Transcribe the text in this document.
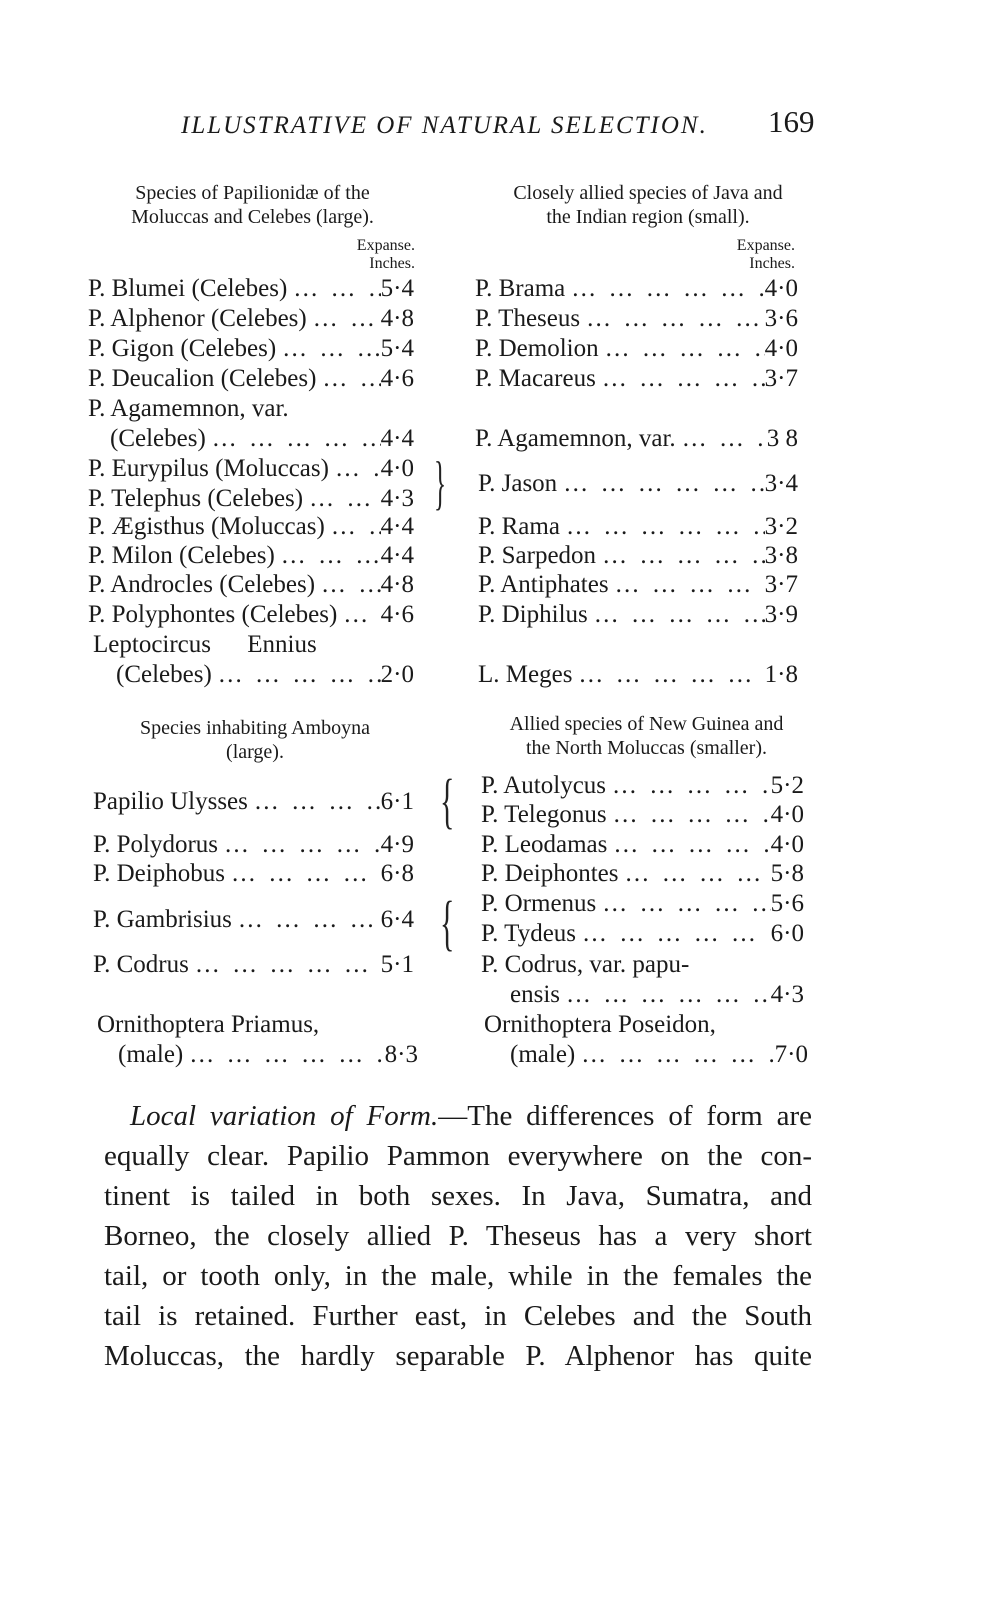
ILLUSTRATIVE OF NATURAL SELECTION. 169
Species of Papilionidæ of the
Moluccas and Celebes (large).
Expanse.
Inches.
P. Blumei (Celebes) … … … … … … … … … … … … … … … …	5·4
P. Alphenor (Celebes) … … … … … … … … … … … … … … … …	4·8
P. Gigon (Celebes) … … … … … … … … … … … … … … … …	5·4
P. Deucalion (Celebes) … … … … … … … … … … … … … … … …	4·6
P. Agamemnon, var.
(Celebes) … … … … … … … … … … … … … … … …	4·4
P. Eurypilus (Moluccas) … … … … … … … … … … … … … … … … 4·0
P. Telephus (Celebes) … … … … … … … … … … … … … … … …	4·3
P. Ægisthus (Moluccas) … … … … … … … … … … … … … … … … 4·4
P. Milon (Celebes) … … … … … … … … … … … … … … … …	4·4
P. Androcles (Celebes) … … … … … … … … … … … … … … … …	4·8
P. Polyphontes (Celebes) … … … … … … … … … … … … … … … … 4·6
Leptocircus Ennius
(Celebes) … … … … … … … … … … … … … … … …	2·0
Closely allied species of Java and
the Indian region (small).
Expanse.
Inches.
P. Brama … … … … … … … … … … … … … … … …	4·0
P. Theseus … … … … … … … … … … … … … … … …	3·6
P. Demolion … … … … … … … … … … … … … … … …	4·0
P. Macareus … … … … … … … … … … … … … … … …	3·7
P. Agamemnon, var. … … … … … … … … … … … … … … … …	3 8
} P. Jason … … … … … … … … … … … … … … … …	3·4
P. Rama … … … … … … … … … … … … … … … …	3·2
P. Sarpedon … … … … … … … … … … … … … … … …	3·8
P. Antiphates … … … … … … … … … … … … … … … …	3·7
P. Diphilus … … … … … … … … … … … … … … … …	3·9
L. Meges … … … … … … … … … … … … … … … …	1·8
Species inhabiting Amboyna
(large).
Papilio Ulysses … … … … … … … … … … … … … … … …	6·1
P. Polydorus … … … … … … … … … … … … … … … …	4·9
P. Deiphobus … … … … … … … … … … … … … … … …	6·8
P. Gambrisius … … … … … … … … … … … … … … … …	6·4
P. Codrus … … … … … … … … … … … … … … … …	5·1
Ornithoptera Priamus,
(male) … … … … … … … … … … … … … … … …	8·3
Allied species of New Guinea and
the North Moluccas (smaller).
{ P. Autolycus … … … … … … … … … … … … … … … …	5·2
P. Telegonus … … … … … … … … … … … … … … … …	4·0
P. Leodamas … … … … … … … … … … … … … … … …	4·0
P. Deiphontes … … … … … … … … … … … … … … … …	5·8
{ P. Ormenus … … … … … … … … … … … … … … … …	5·6
P. Tydeus … … … … … … … … … … … … … … … …	6·0
P. Codrus, var. papu-
ensis … … … … … … … … … … … … … … … …	4·3
Ornithoptera Poseidon,
(male) … … … … … … … … … … … … … … … …	7·0
Local variation of Form.—The differences of form are
equally clear. Papilio Pammon everywhere on the con-
tinent is tailed in both sexes. In Java, Sumatra, and
Borneo, the closely allied P. Theseus has a very short
tail, or tooth only, in the male, while in the females the
tail is retained. Further east, in Celebes and the South
Moluccas, the hardly separable P. Alphenor has quite
